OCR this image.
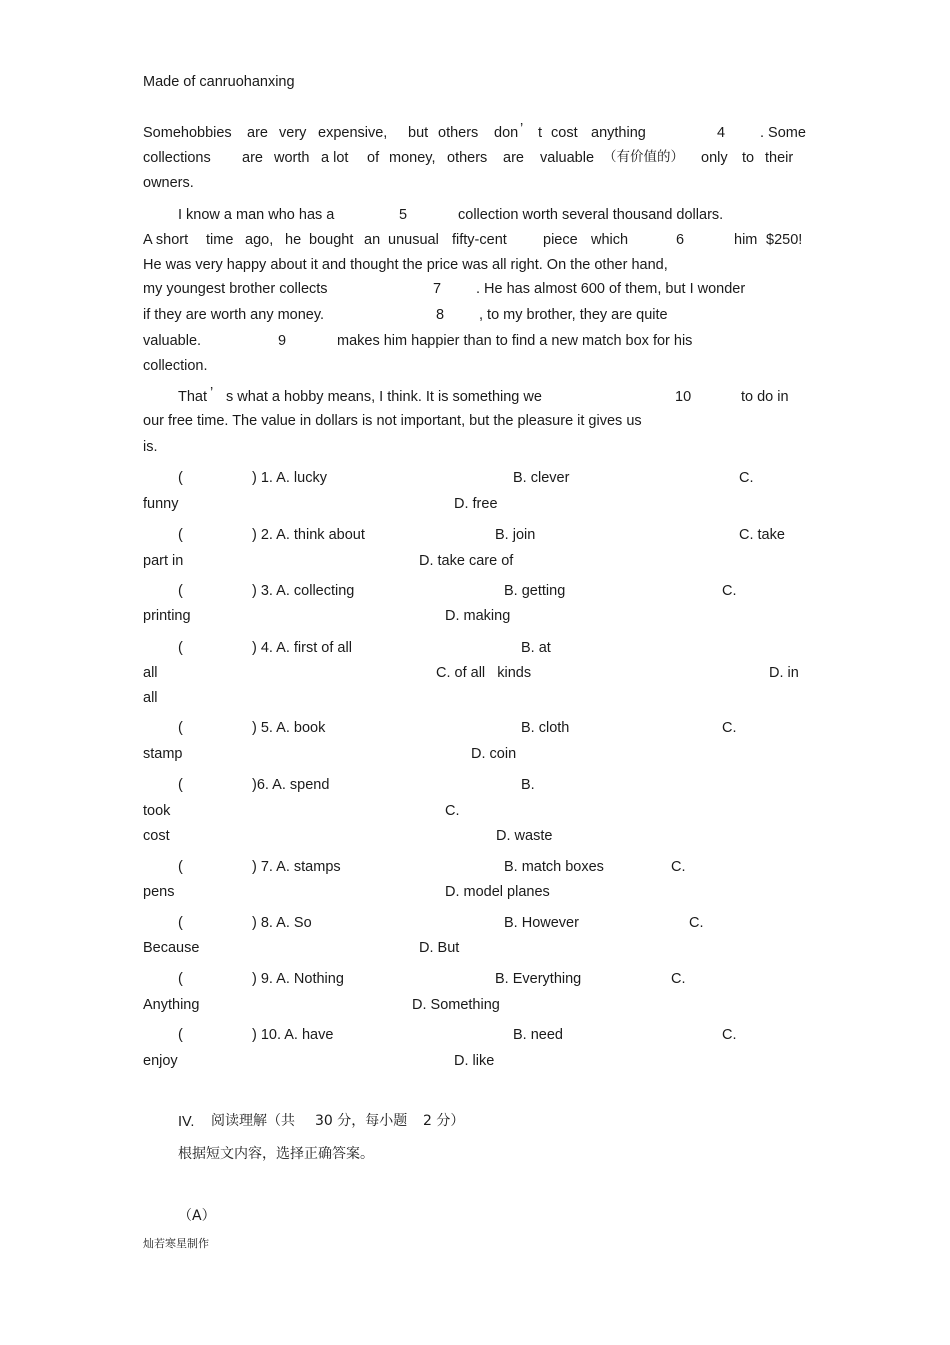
Made of canruohanxing
Somehobbies are very expensive, but others don ’ t cost anything	4 . Some
collections are worth a lot of money, others are valuable （有价值的） only to their
owners.
I know a man who has a	5	collection worth several thousand dollars.
A short time ago, he bought an unusual fifty-cent piece which	6	him $250!
He was very happy about it and thought the price was all right. On the other hand,
my youngest brother collects	7 . He has almost 600 of them, but I wonder
if they are worth any money.	8 , to my brother, they are quite
valuable.	9	makes him happier than to find a new match box for his
collection.
That ’ s what a hobby means, I think. It is something we	10	to do in
our free time. The value in dollars is not important, but the pleasure it gives us
is.
(	) 1. A. lucky	B. clever	C.
funny	D. free
(	) 2. A. think about	B. join	C. take
part in	D. take care of
(	) 3. A. collecting	B. getting	C.
printing	D. making
(	) 4. A. first of all	B. at
all	C. of all   kinds	D. in
all
(	) 5. A. book	B. cloth	C.
stamp	D. coin
(	)6. A. spend	B.
took	C.
cost	D. waste
(	) 7. A. stamps	B. match boxes	C.
pens	D. model planes
(	) 8. A. So	B. However	C.
Because	D. But
(	) 9. A. Nothing	B. Everything	C.
Anything	D. Something
(	) 10. A. have	B. need	C.
enjoy	D. like
IV. 阅读理解（共 30 分，每小题 2 分）
根据短文内容，选择正确答案。
（A）
灿若寒星制作
